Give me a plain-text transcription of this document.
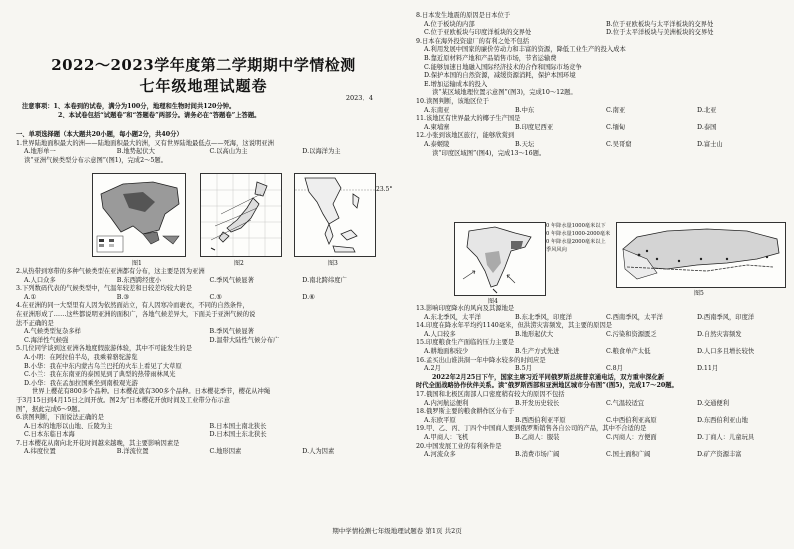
2022～2023学年度第二学期期中学情检测
七年级地理试题卷
2023．4
注意事项：1、本卷到的试卷，满分为100分，地理和生物时间共120分钟。
2、本试卷包括“试题卷”和“答题卷”两部分。请务必在“答题卷”上答题。
一、单项选择题（本大题共20小题，每小题2分，共40分）
1.世界陆地面积最大的洲——陆地面积最大的洲，又有世界陆地最低点——死海，这说明亚洲
A.地形单一	B.地势起伏大	C.以高山为主	D.以海洋为主
读“亚洲气候类型分布示意图”(图1)，完成2～5题。
23.5°
图1	图2	图3
2.从热带到寒带的多种气候类型在亚洲都有分布，这主要是因为亚洲
A.人口众多	B.东西跨经度小	C.季风气候显著	D.南北跨纬度广
3.下列数码代表的气候类型中，气温年较差和日较差均较大的是
A.①	B.③	C.⑤	D.⑥
4.在亚洲的同一大型里有人因为依然面站立，有人因寒冷而裹衣，不同的自然条件，
在亚洲形成了……这些都说明亚洲的面积广，各地气候差异大，下面关于亚洲气候的说
法不正确的是
A.气候类型复杂多样	B.季风气候显著
C.海洋性气候强	D.温带大陆性气候分布广
5.几位同学谈到这亚洲各地度假旅游体验，其中不可能发生的是
A.小明：在阿拉伯半岛，我乘着骆驼游览
B.小华：我在中东内蒙古乌兰巴托的火车上看见了大草原
C.小兰：我在东南亚的泰国见到了典型的热带雨林风光
D.小华：我在孟加拉国乘坐到南极观光游
世界上樱花有800多个品种。日本樱花就有300多个品种。日本樱花季节，樱花从冲绳
于3月15日到4月15日之间开放。图2为“日本樱花开放时间及工业带分布示意
图”，据此完成6～9题。
6.读图判断，下面说法正确的是
A.日本的地形以山地、丘陵为主	B.日本国土南北狭长
C.日本东临日本海	D.日本国土东北狭长
7.日本樱花从南向北开花时间越来越晚，其主要影响因素是
A.纬度位置	B.洋流位置	C.地形因素	D.人为因素
8.日本发生地震的原因是日本位于
A.位于板块的内部	B.位于亚欧板块与太平洋板块的交界处
C.位于亚欧板块与印度洋板块的交界处	D.位于太平洋板块与美洲板块的交界处
9.日本在海外投资建厂的有利之处不包括
A.利用发展中国家的廉价劳动力和丰富的资源，降低工业生产的投入成本
B.靠近原材料产地和产品销售市场，节省运输费
C.能够加速日地融入国际经济技术的合作和国际市场竞争
D.保护本国的自然资源，减缓资源消耗，保护本国环境
E.增加运输成本的投入
读“某区域地理位置示意图”(图3)，完成10～12题。
10.读图判断，该地区位于
A.东南亚	B.中东	C.南亚	D.北亚
11.该地区有世界最大的椰子生产国是
A.柬埔寨	B.印度尼西亚	C.缅甸	D.泰国
12.小张到该地区旅行，能够欣赏到
A.泰姬陵	B.天坛	C.吴哥窟	D.富士山
读“印度区域图”(图4)，完成13～16题。
0 年降水量1000毫米以下
0 年降水量1000-2000毫米
0 年降水量2000毫米以上
季风风向
图4
图5
13.影响印度降水的风向及其源地是
A.东北季风，太平洋	B.东北季风，印度洋	C.西南季风，太平洋	D.西南季风，印度洋
14.印度在降水年平均约1140毫米，但洪涝灾害频发，其主要的原因是
A.人口较多	B.地形起伏大	C.污染和资源匮乏	D.自然灾害频发
15.印度粮食生产面临的压力主要是
A.耕地面积较少	B.生产方式先进	C.粮食单产太低	D.人口多且增长较快
16.孟买出山谁洪洞一年中降水较多的时间应是
A.2月	B.5月	C.8月	D.11月
2022年2月25日下午，国家主席习近平同俄罗斯总统普京通电话，双方重申深化新
时代全面战略协作伙伴关系。读“俄罗斯西部和亚洲地区城市分布图”(图5)，完成17～20题。
17.俄国和北极区南部人口密度稍有较大的原因不包括
A.内河航运便利	B.开发历史较长	C.气温较适宜	D.交通便利
18.俄罗斯主要的粮食耕作区分布于
A.东欧平原	B.西西伯利亚平原	C.中西伯利亚高原	D.东西伯利亚山地
19.甲、乙、丙、丁四个中国商人要到俄罗斯销售各自公司的产品，其中不合适的是
A.甲商人：飞机	B.乙商人：服装	C.丙商人：方便面	D.丁商人：儿童玩具
20.中国发展工业的有利条件是
A.河流众多	B.消费市场广阔	C.国土面积广阔	D.矿产资源丰富
期中学情检测七年级地理试题卷 第1页 共2页
